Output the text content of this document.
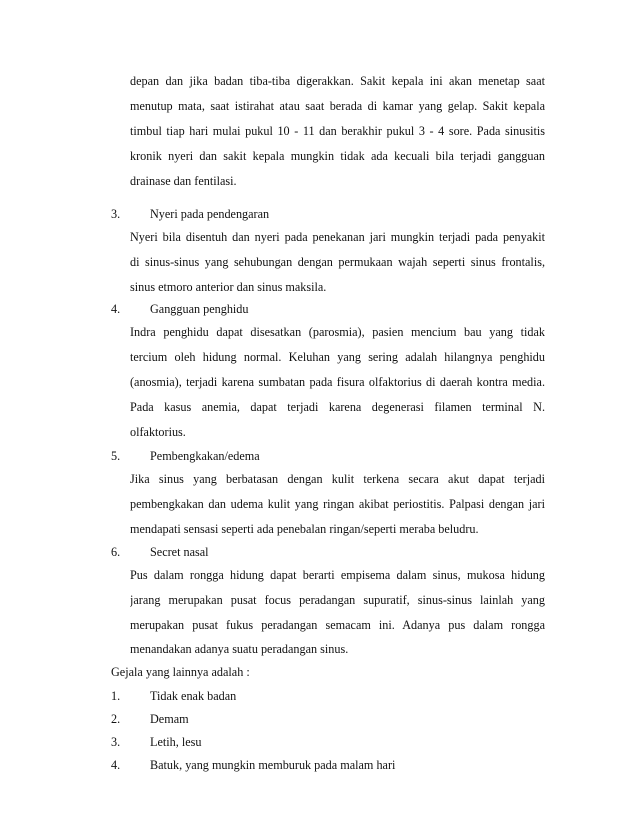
depan dan jika badan tiba-tiba digerakkan. Sakit kepala ini akan menetap saat
menutup mata, saat istirahat atau saat berada di kamar yang gelap. Sakit kepala
timbul tiap hari mulai pukul 10 - 11 dan berakhir pukul 3 - 4 sore. Pada sinusitis
kronik nyeri dan sakit kepala mungkin tidak ada kecuali bila terjadi gangguan
drainase dan fentilasi.
3. Nyeri pada pendengaran
Nyeri bila disentuh dan nyeri pada penekanan jari mungkin terjadi pada penyakit
di sinus-sinus yang sehubungan dengan permukaan wajah seperti sinus frontalis,
sinus etmoro anterior dan sinus maksila.
4. Gangguan penghidu
Indra penghidu dapat disesatkan (parosmia), pasien mencium bau yang tidak
tercium oleh hidung normal. Keluhan yang sering adalah hilangnya penghidu
(anosmia), terjadi karena sumbatan pada fisura olfaktorius di daerah kontra media.
Pada kasus anemia, dapat terjadi karena degenerasi filamen terminal N.
olfaktorius.
5. Pembengkakan/edema
Jika sinus yang berbatasan dengan kulit terkena secara akut dapat terjadi
pembengkakan dan udema kulit yang ringan akibat periostitis. Palpasi dengan jari
mendapati sensasi seperti ada penebalan ringan/seperti meraba beludru.
6. Secret nasal
Pus dalam rongga hidung dapat berarti empisema dalam sinus, mukosa hidung
jarang merupakan pusat focus peradangan supuratif, sinus-sinus lainlah yang
merupakan pusat fukus peradangan semacam ini. Adanya pus dalam rongga
menandakan adanya suatu peradangan sinus.
Gejala yang lainnya adalah :
1. Tidak enak badan
2. Demam
3. Letih, lesu
4. Batuk, yang mungkin memburuk pada malam hari
